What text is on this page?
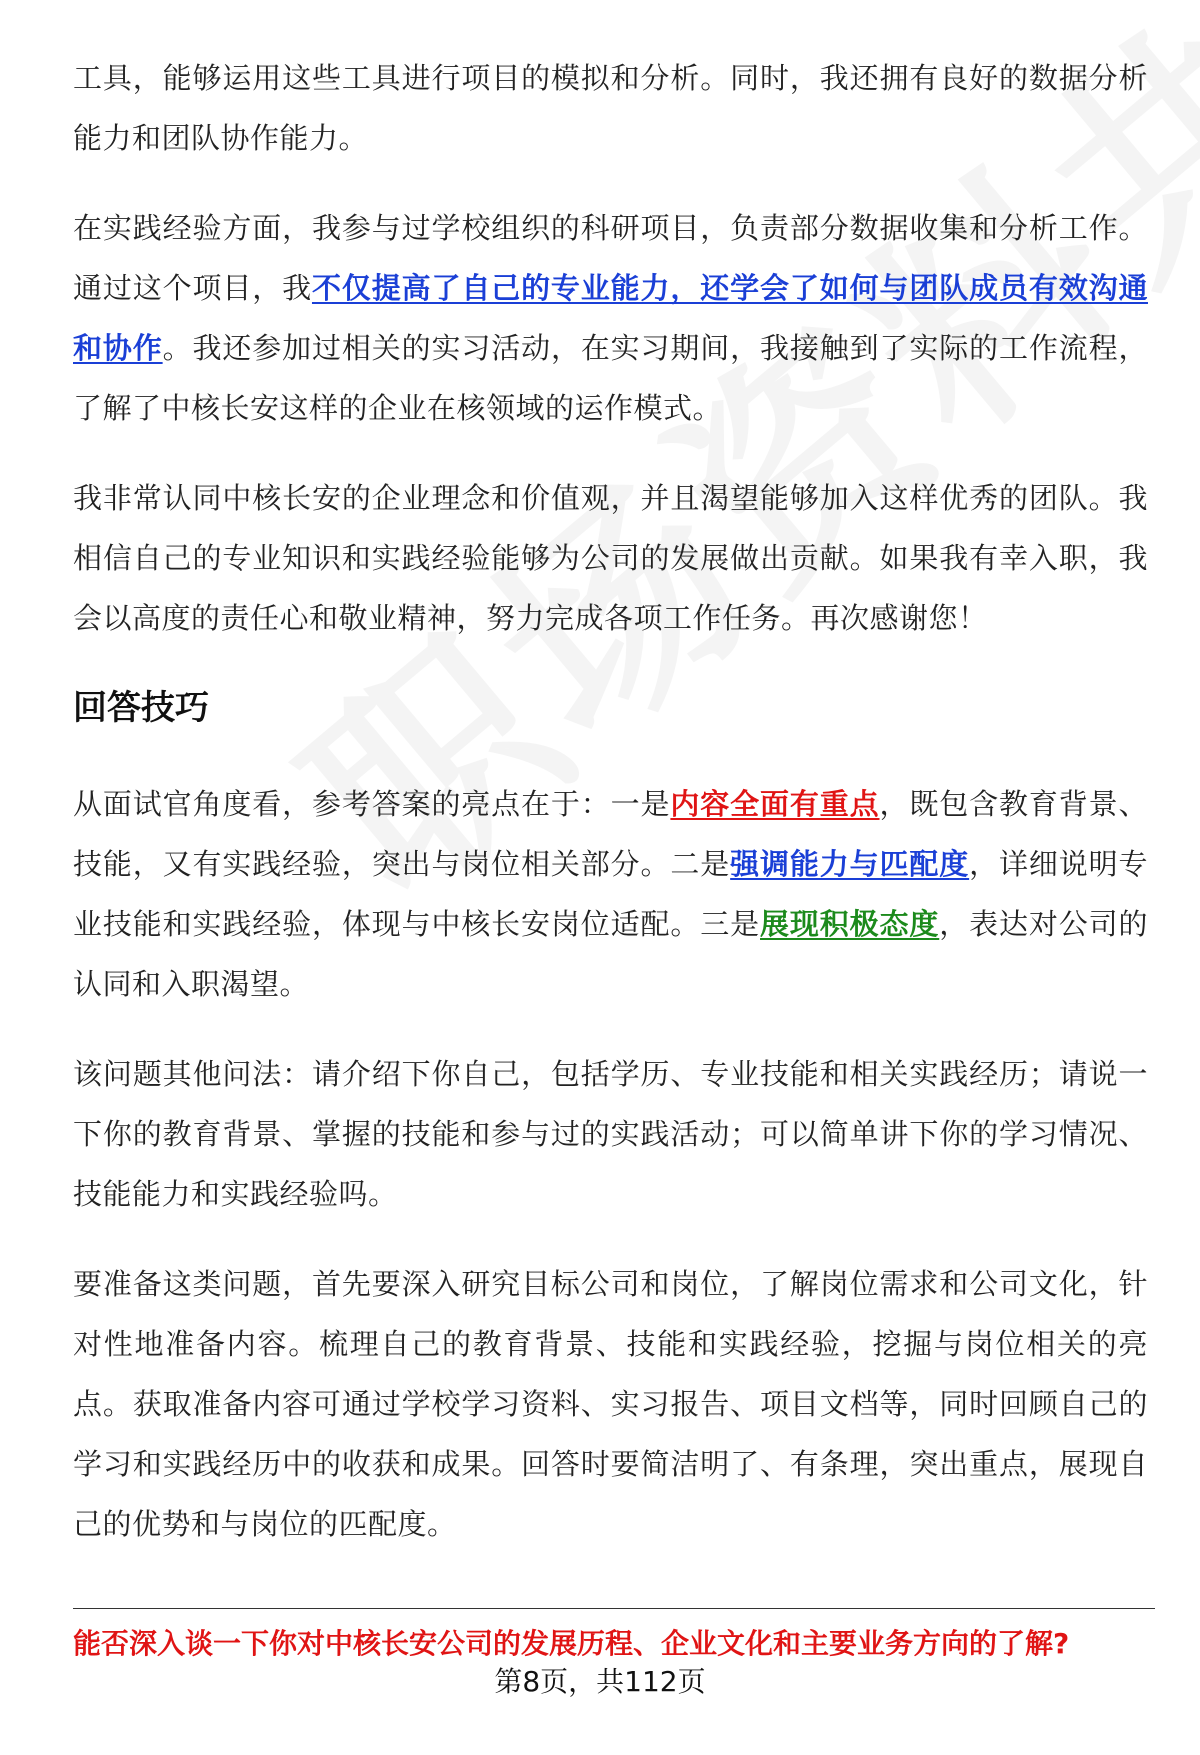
工具，能够运用这些工具进行项目的模拟和分析。同时，我还拥有良好的数据分析能力和团队协作能力。

在实践经验方面，我参与过学校组织的科研项目，负责部分数据收集和分析工作。通过这个项目，我不仅提高了自己的专业能力，还学会了如何与团队成员有效沟通和协作。我还参加过相关的实习活动，在实习期间，我接触到了实际的工作流程，了解了中核长安这样的企业在核领域的运作模式。

我非常认同中核长安的企业理念和价值观，并且渴望能够加入这样优秀的团队。我相信自己的专业知识和实践经验能够为公司的发展做出贡献。如果我有幸入职，我会以高度的责任心和敬业精神，努力完成各项工作任务。再次感谢您！

回答技巧

从面试官角度看，参考答案的亮点在于：一是内容全面有重点，既包含教育背景、技能，又有实践经验，突出与岗位相关部分。二是强调能力与匹配度，详细说明专业技能和实践经验，体现与中核长安岗位适配。三是展现积极态度，表达对公司的认同和入职渴望。

该问题其他问法：请介绍下你自己，包括学历、专业技能和相关实践经历；请说一下你的教育背景、掌握的技能和参与过的实践活动；可以简单讲下你的学习情况、技能能力和实践经验吗。

要准备这类问题，首先要深入研究目标公司和岗位，了解岗位需求和公司文化，针对性地准备内容。梳理自己的教育背景、技能和实践经验，挖掘与岗位相关的亮点。获取准备内容可通过学校学习资料、实习报告、项目文档等，同时回顾自己的学习和实践经历中的收获和成果。回答时要简洁明了、有条理，突出重点，展现自己的优势和与岗位的匹配度。

能否深入谈一下你对中核长安公司的发展历程、企业文化和主要业务方向的了解?
第8页，共112页
